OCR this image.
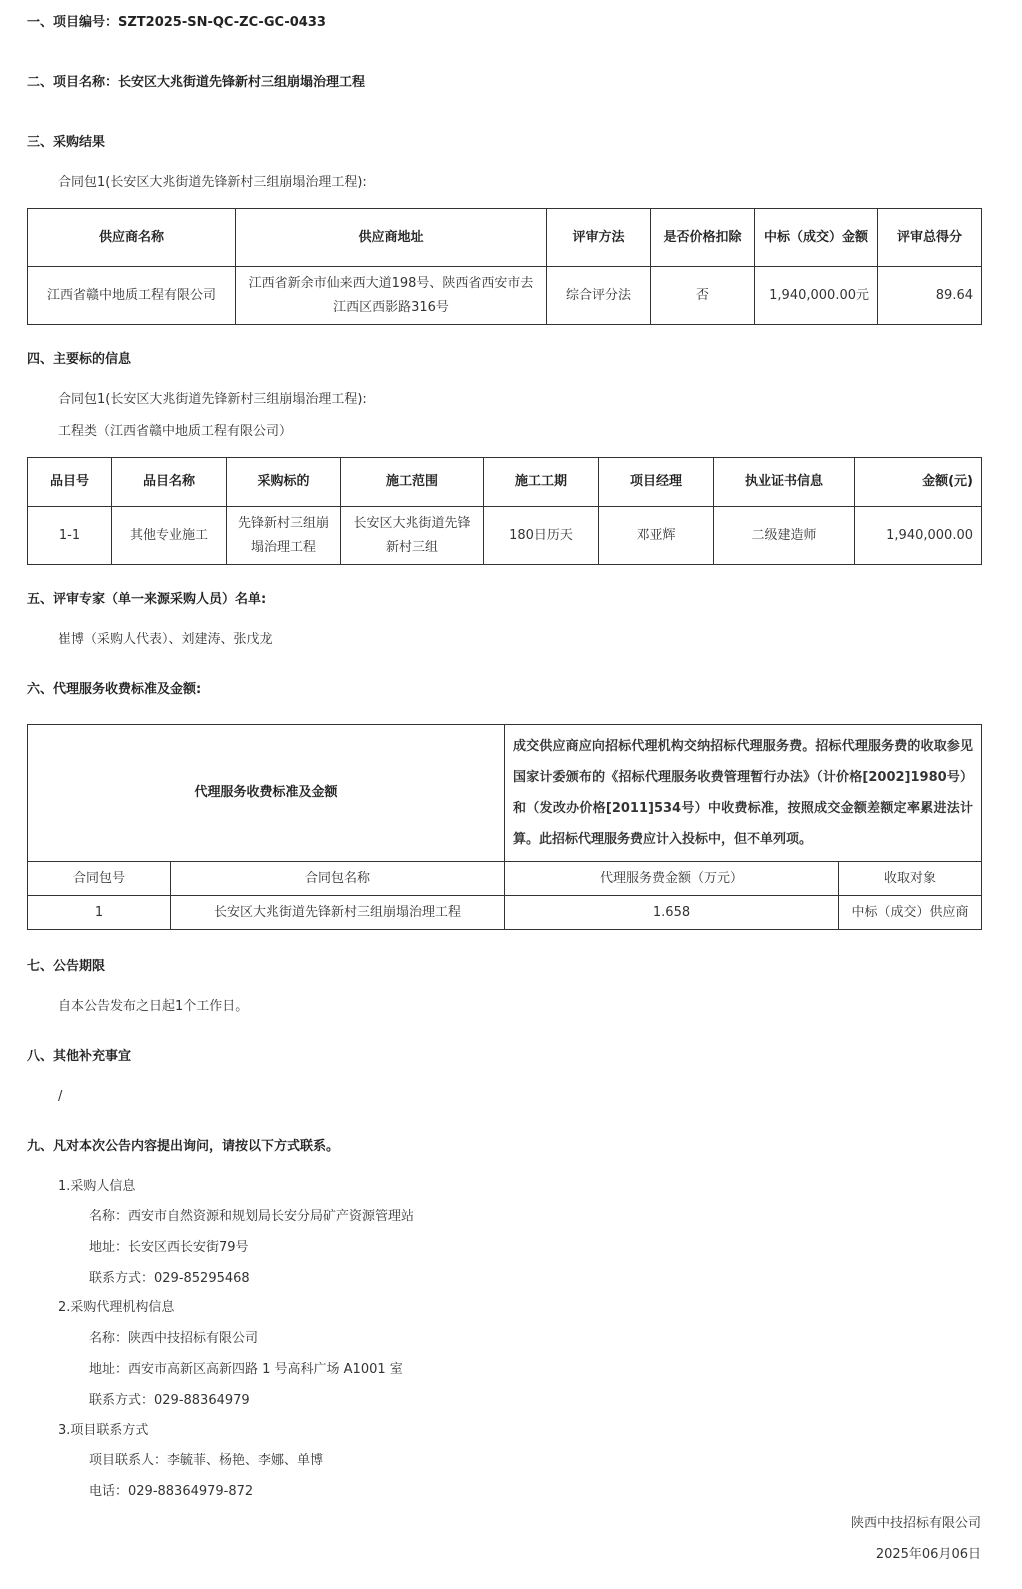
一、项目编号：SZT2025-SN-QC-ZC-GC-0433
二、项目名称：长安区大兆街道先锋新村三组崩塌治理工程
三、采购结果
合同包1(长安区大兆街道先锋新村三组崩塌治理工程):
供应商名称	供应商地址	评审方法	是否价格扣除	中标（成交）金额	评审总得分
江西省赣中地质工程有限公司	江西省新余市仙来西大道198号、陕西省西安市去江西区西影路316号	综合评分法	否	1,940,000.00元	89.64
四、主要标的信息
合同包1(长安区大兆街道先锋新村三组崩塌治理工程):
工程类（江西省赣中地质工程有限公司）
品目号	品目名称	采购标的	施工范围	施工工期	项目经理	执业证书信息	金额(元)
1-1	其他专业施工	先锋新村三组崩塌治理工程	长安区大兆街道先锋新村三组	180日历天	邓亚辉	二级建造师	1,940,000.00
五、评审专家（单一来源采购人员）名单:
崔博（采购人代表）、刘建涛、张戊龙
六、代理服务收费标准及金额:
代理服务收费标准及金额		成交供应商应向招标代理机构交纳招标代理服务费。招标代理服务费的收取参见国家计委颁布的《招标代理服务收费管理暂行办法》（计价格[2002]1980号）和（发改办价格[2011]534号）中收费标准，按照成交金额差额定率累进法计算。此招标代理服务费应计入投标中，但不单列项。	
合同包号	合同包名称	代理服务费金额（万元）	收取对象
1	长安区大兆街道先锋新村三组崩塌治理工程	1.658	中标（成交）供应商
七、公告期限
自本公告发布之日起1个工作日。
八、其他补充事宜
/
九、凡对本次公告内容提出询问，请按以下方式联系。
1.采购人信息
名称：西安市自然资源和规划局长安分局矿产资源管理站
地址：长安区西长安街79号
联系方式：029-85295468
2.采购代理机构信息
名称：陕西中技招标有限公司
地址：西安市高新区高新四路 1 号高科广场 A1001 室
联系方式：029-88364979
3.项目联系方式
项目联系人：李毓菲、杨艳、李娜、单博
电话：029-88364979-872
陕西中技招标有限公司
2025年06月06日
